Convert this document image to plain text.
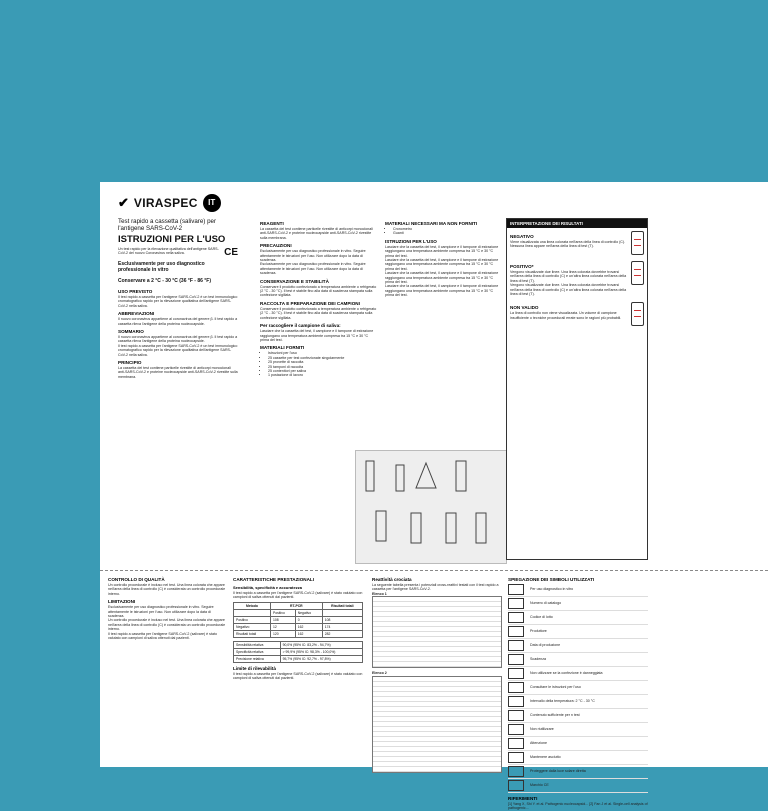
✔ VIRASPEC	IT
Test rapido a cassetta (salivare) per l'antigene SARS-CoV-2
ISTRUZIONI PER L'USO

Un test rapido per la rilevazione qualitativa dell'antigene SARS-CoV-2 del nuovo Coronavirus nella saliva.	CE

Esclusivamente per uso diagnostico professionale in vitro

Conservare a 2 °C - 30 °C (36 °F - 86 °F)

USO PREVISTO

Il test rapido a cassetta per l'antigene SARS-CoV-2 è un test immunologico cromatografico rapido per la rilevazione qualitativa dell'antigene SARS-CoV-2 nella saliva.

ABBREVIAZIONI

Il nuovo coronavirus appartiene al coronavirus del genere β. Il test rapido a cassetta rileva l'antigene della proteina nucleocapside.

SOMMARIO

Il nuovo coronavirus appartiene al coronavirus del genere β. Il test rapido a cassetta rileva l'antigene della proteina nucleocapside.

Il test rapido a cassetta per l'antigene SARS-CoV-2 è un test immunologico cromatografico rapido per la rilevazione qualitativa dell'antigene SARS-CoV-2 nella saliva.

PRINCIPIO

La cassetta del test contiene particelle rivestite di anticorpi monoclonali anti-SARS-CoV-2 e proteine nucleocapside anti-SARS-CoV-2 rivestite sulla membrana.

REAGENTI

La cassetta del test contiene particelle rivestite di anticorpi monoclonali anti-SARS-CoV-2 e proteine nucleocapside anti-SARS-CoV-2 rivestite sulla membrana.

PRECAUZIONI

Esclusivamente per uso diagnostico professionale in vitro. Seguire attentamente le istruzioni per l'uso. Non utilizzare dopo la data di scadenza.

Esclusivamente per uso diagnostico professionale in vitro. Seguire attentamente le istruzioni per l'uso. Non utilizzare dopo la data di scadenza.

CONSERVAZIONE E STABILITÀ

Conservare il prodotto confezionato a temperatura ambiente o refrigerato (2 °C - 30 °C). Il test è stabile fino alla data di scadenza stampata sulla confezione sigillata.

RACCOLTA E PREPARAZIONE DEI CAMPIONI

Conservare il prodotto confezionato a temperatura ambiente o refrigerato (2 °C - 30 °C). Il test è stabile fino alla data di scadenza stampata sulla confezione sigillata.

Per raccogliere il campione di saliva:

Lasciare che la cassetta del test, il campione e il tampone di estrazione raggiungano una temperatura ambiente compresa tra 15 °C e 30 °C prima del test.

MATERIALI FORNITI

• Istruzioni per l'uso
• 25 cassette per test confezionate singolarmente
• 25 provette di raccolta
• 25 tamponi di raccolta
• 25 contenitori per saliva
• 1 postazione di lavoro

MATERIALI NECESSARI MA NON FORNITI

• Cronometro
• Guanti

ISTRUZIONI PER L'USO

Lasciare che la cassetta del test, il campione e il tampone di estrazione raggiungano una temperatura ambiente compresa tra 15 °C e 30 °C prima del test.

Lasciare che la cassetta del test, il campione e il tampone di estrazione raggiungano una temperatura ambiente compresa tra 15 °C e 30 °C prima del test.

Lasciare che la cassetta del test, il campione e il tampone di estrazione raggiungano una temperatura ambiente compresa tra 15 °C e 30 °C prima del test.

Lasciare che la cassetta del test, il campione e il tampone di estrazione raggiungano una temperatura ambiente compresa tra 15 °C e 30 °C prima del test.

INTERPRETAZIONE DEI RISULTATI

NEGATIVO

Viene visualizzata una linea colorata nell'area della linea di controllo (C). Nessuna linea appare nell'area della linea di test (T).

POSITIVO*

Vengono visualizzate due linee. Una linea colorata dovrebbe trovarsi nell'area della linea di controllo (C) e un'altra linea colorata nell'area della linea di test (T).

Vengono visualizzate due linee. Una linea colorata dovrebbe trovarsi nell'area della linea di controllo (C) e un'altra linea colorata nell'area della linea di test (T).

NON VALIDO

La linea di controllo non viene visualizzata. Un volume di campione insufficiente o tecniche procedurali errate sono le ragioni più probabili.

CONTROLLO DI QUALITÀ

Un controllo procedurale è incluso nel test. Una linea colorata che appare nell'area della linea di controllo (C) è considerata un controllo procedurale interno.

LIMITAZIONI

Esclusivamente per uso diagnostico professionale in vitro. Seguire attentamente le istruzioni per l'uso. Non utilizzare dopo la data di scadenza.

Un controllo procedurale è incluso nel test. Una linea colorata che appare nell'area della linea di controllo (C) è considerata un controllo procedurale interno.

Il test rapido a cassetta per l'antigene SARS-CoV-2 (salivare) è stato valutato con campioni di saliva ottenuti dai pazienti.

CARATTERISTICHE PRESTAZIONALI

Sensibilità, specificità e accuratezza

Il test rapido a cassetta per l'antigene SARS-CoV-2 (salivare) è stato valutato con campioni di saliva ottenuti dai pazienti.

Metodo	RT-PCR		Risultati totali
	Positivo	Negativo	
Positivo	108	0	108
Negativo	12	162	174
Risultati totali	120	162	282
Sensibilità relativa	90,0% (95% IC: 83,2% - 94,7%)
Specificità relativa	> 99,9% (95% IC: 98,3% - 100,0%)
Precisione relativa	95,7% (95% IC: 92,7% - 97,8%)

Limite di rilevabilità

Il test rapido a cassetta per l'antigene SARS-CoV-2 (salivare) è stato valutato con campioni di saliva ottenuti dai pazienti.

Reattività crociata

La seguente tabella presenta i potenziali cross-reattivi testati con il test rapido a cassetta per l'antigene SARS-CoV-2.

Elenco 1

Elenco 2

SPIEGAZIONE DEI SIMBOLI UTILIZZATI

Per uso diagnostico in vitro
Numero di catalogo
Codice di lotto
Produttore
Data di produzione
Scadenza
Non utilizzare se la confezione è danneggiata
Consultare le istruzioni per l'uso
Intervallo della temperatura: 2 °C - 30 °C
Contenuto sufficiente per n test
Non riutilizzare
Attenzione
Mantenere asciutto
Proteggere dalla luce solare diretta
Marchio CE

RIFERIMENTI

[1] Yang X, Shi Y. et al. Pathogenic nucleocapsid... [2] Fan J et al. Single-cell analysis of pathogenic...
